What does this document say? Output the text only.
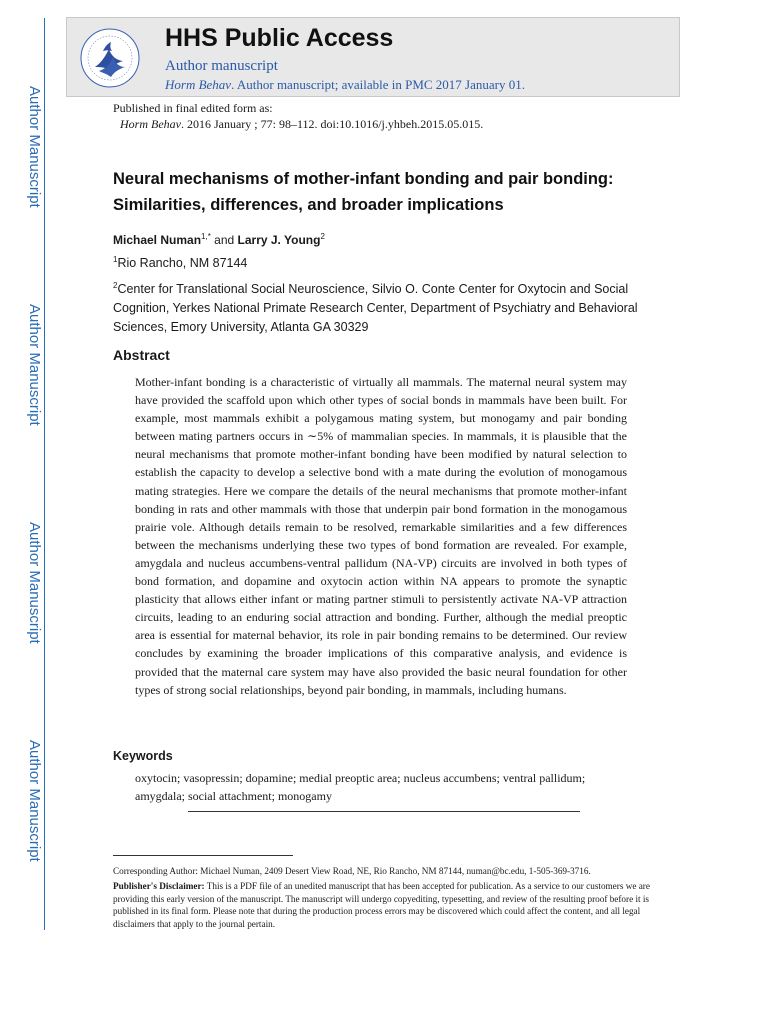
Author Manuscript
Author Manuscript
Author Manuscript
Author Manuscript
HHS Public Access
Author manuscript
Horm Behav. Author manuscript; available in PMC 2017 January 01.
Published in final edited form as:
Horm Behav. 2016 January ; 77: 98–112. doi:10.1016/j.yhbeh.2015.05.015.
Neural mechanisms of mother-infant bonding and pair bonding: Similarities, differences, and broader implications
Michael Numan$^{1,*}$ and Larry J. Young$^2$
$^1$Rio Rancho, NM 87144
$^2$Center for Translational Social Neuroscience, Silvio O. Conte Center for Oxytocin and Social Cognition, Yerkes National Primate Research Center, Department of Psychiatry and Behavioral Sciences, Emory University, Atlanta GA 30329
Abstract
Mother-infant bonding is a characteristic of virtually all mammals. The maternal neural system may have provided the scaffold upon which other types of social bonds in mammals have been built. For example, most mammals exhibit a polygamous mating system, but monogamy and pair bonding between mating partners occurs in ∼5% of mammalian species. In mammals, it is plausible that the neural mechanisms that promote mother-infant bonding have been modified by natural selection to establish the capacity to develop a selective bond with a mate during the evolution of monogamous mating strategies. Here we compare the details of the neural mechanisms that promote mother-infant bonding in rats and other mammals with those that underpin pair bond formation in the monogamous prairie vole. Although details remain to be resolved, remarkable similarities and a few differences between the mechanisms underlying these two types of bond formation are revealed. For example, amygdala and nucleus accumbens-ventral pallidum (NA-VP) circuits are involved in both types of bond formation, and dopamine and oxytocin action within NA appears to promote the synaptic plasticity that allows either infant or mating partner stimuli to persistently activate NA-VP attraction circuits, leading to an enduring social attraction and bonding. Further, although the medial preoptic area is essential for maternal behavior, its role in pair bonding remains to be determined. Our review concludes by examining the broader implications of this comparative analysis, and evidence is provided that the maternal care system may have also provided the basic neural foundation for other types of strong social relationships, beyond pair bonding, in mammals, including humans.
Keywords
oxytocin; vasopressin; dopamine; medial preoptic area; nucleus accumbens; ventral pallidum; amygdala; social attachment; monogamy
Corresponding Author: Michael Numan, 2409 Desert View Road, NE, Rio Rancho, NM 87144, numan@bc.edu, 1-505-369-3716.
Publisher's Disclaimer: This is a PDF file of an unedited manuscript that has been accepted for publication. As a service to our customers we are providing this early version of the manuscript. The manuscript will undergo copyediting, typesetting, and review of the resulting proof before it is published in its final form. Please note that during the production process errors may be discovered which could affect the content, and all legal disclaimers that apply to the journal pertain.
